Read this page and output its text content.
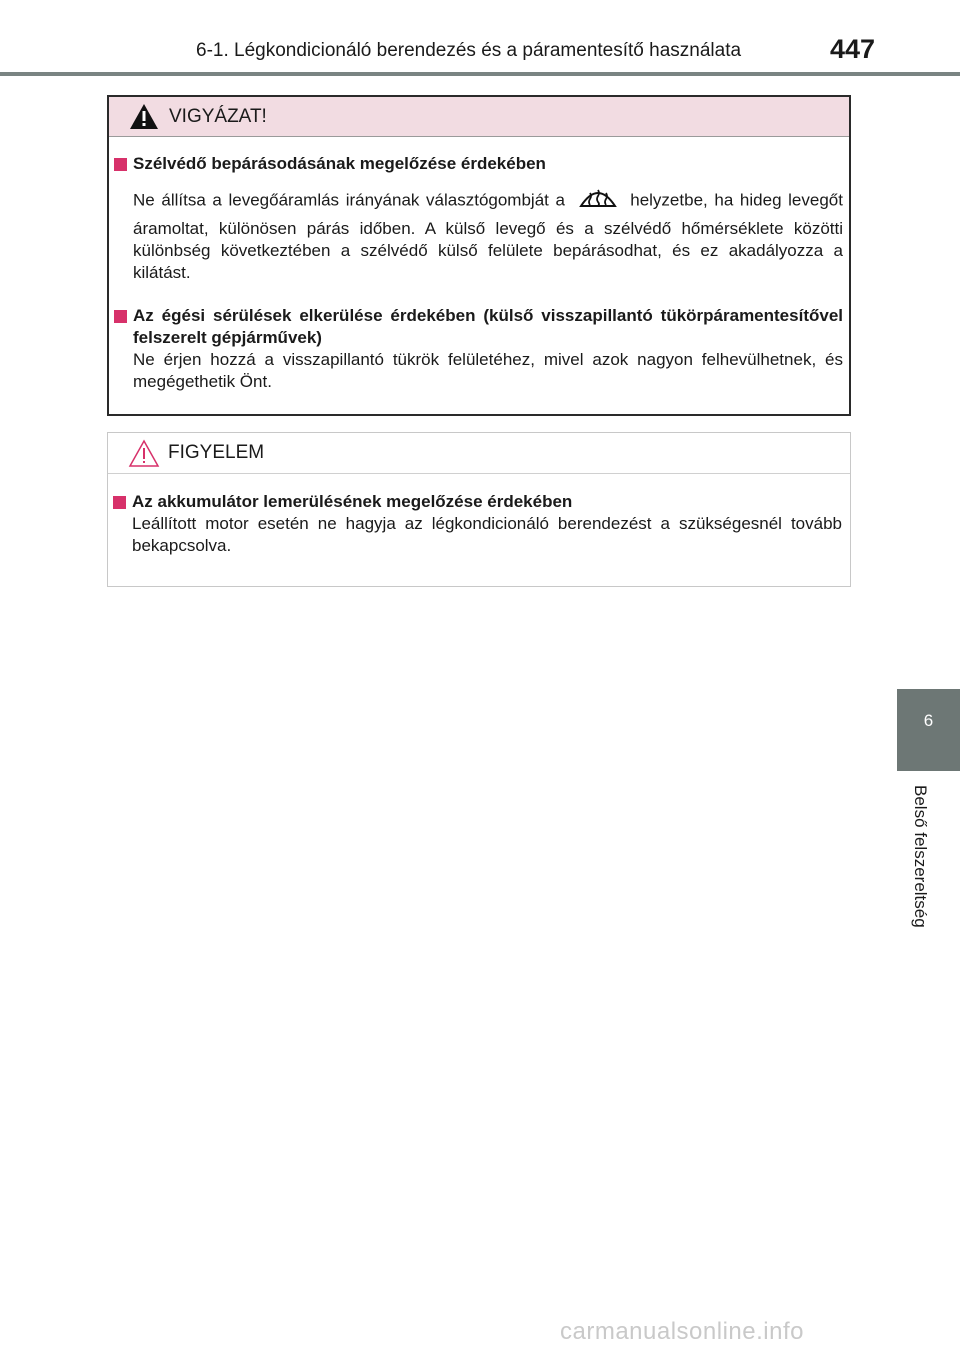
6-1. Légkondicionáló berendezés és a páramentesítő használata	447
VIGYÁZAT!
Szélvédő bepárásodásának megelőzése érdekében
Ne állítsa a levegőáramlás irányának választógombját a	helyzetbe, ha hideg levegőt áramoltat, különösen párás időben. A külső levegő és a szélvédő hőmérséklete közötti különbség következtében a szélvédő külső felülete bepárásodhat, és ez akadályozza a kilátást.
Az égési sérülések elkerülése érdekében (külső visszapillantó tükörpáramentesítővel felszerelt gépjárművek)
Ne érjen hozzá a visszapillantó tükrök felületéhez, mivel azok nagyon felhevülhetnek, és megégethetik Önt.
FIGYELEM
Az akkumulátor lemerülésének megelőzése érdekében
Leállított motor esetén ne hagyja az légkondicionáló berendezést a szükségesnél tovább bekapcsolva.
6
Belső felszereltség
carmanualsonline.info
